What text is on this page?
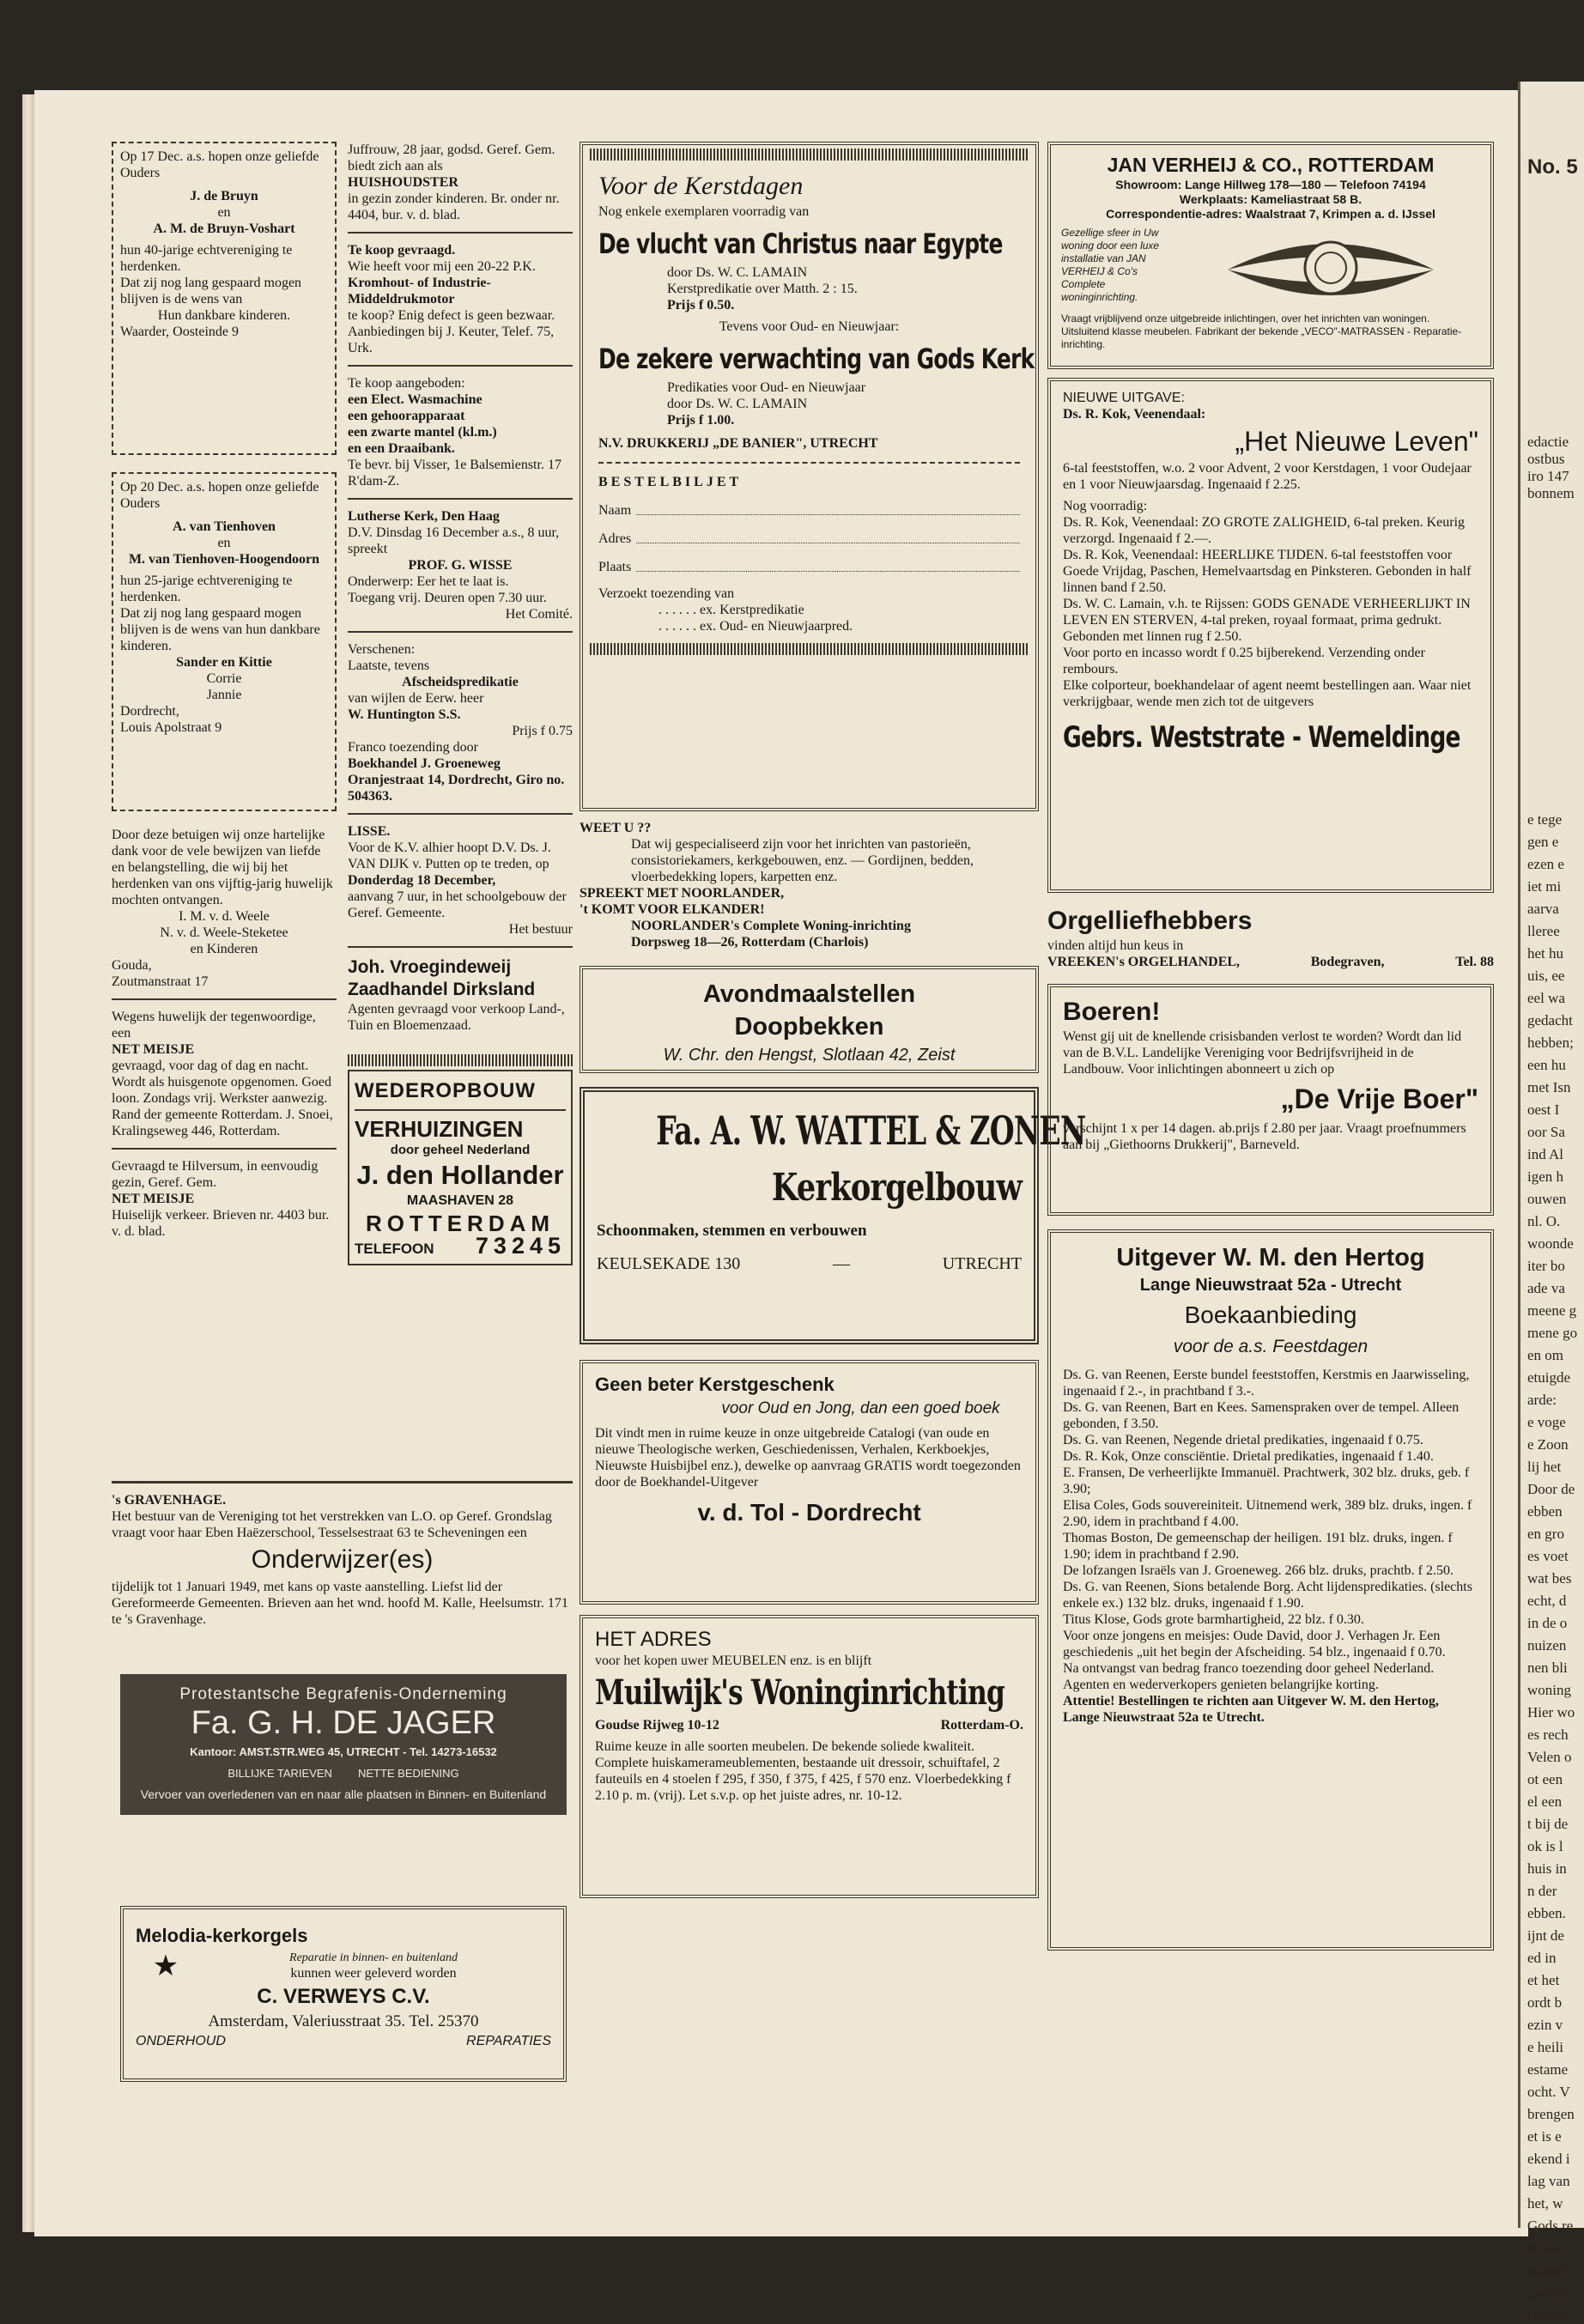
Op 17 Dec. a.s. hopen onze geliefde Ouders

J. de Bruyn

en

A. M. de Bruyn-Voshart

hun 40-jarige echtvereniging te herdenken.

Dat zij nog lang gespaard mogen blijven is de wens van

Hun dankbare kinderen.

Waarder, Oosteinde 9

Op 20 Dec. a.s. hopen onze geliefde Ouders

A. van Tienhoven

en

M. van Tienhoven-Hoogendoorn

hun 25-jarige echtvereniging te herdenken.

Dat zij nog lang gespaard mogen blijven is de wens van hun dankbare kinderen.

Sander en Kittie

Corrie

Jannie

Dordrecht,

Louis Apolstraat 9

Door deze betuigen wij onze hartelijke dank voor de vele bewijzen van liefde en belangstelling, die wij bij het herdenken van ons vijftig-jarig huwelijk mochten ontvangen.

I. M. v. d. Weele

N. v. d. Weele-Steketee

en Kinderen

Gouda,

Zoutmanstraat 17

Wegens huwelijk der tegenwoordige, een

NET MEISJE

gevraagd, voor dag of dag en nacht. Wordt als huisgenote opgenomen. Goed loon. Zondags vrij. Werkster aanwezig. Rand der gemeente Rotterdam. J. Snoei, Kralingseweg 446, Rotterdam.

Gevraagd te Hilversum, in eenvoudig gezin, Geref. Gem.

NET MEISJE

Huiselijk verkeer. Brieven nr. 4403 bur. v. d. blad.

Juffrouw, 28 jaar, godsd. Geref. Gem. biedt zich aan als

HUISHOUDSTER

in gezin zonder kinderen. Br. onder nr. 4404, bur. v. d. blad.

Te koop gevraagd.

Wie heeft voor mij een 20-22 P.K.

Kromhout- of Industrie-Middeldrukmotor

te koop? Enig defect is geen bezwaar. Aanbiedingen bij J. Keuter, Telef. 75, Urk.

Te koop aangeboden:

een Elect. Wasmachine

een gehoorapparaat

een zwarte mantel (kl.m.)

en een Draaibank.

Te bevr. bij Visser, 1e Balsemienstr. 17 R'dam-Z.

Lutherse Kerk, Den Haag

D.V. Dinsdag 16 December a.s., 8 uur, spreekt

PROF. G. WISSE

Onderwerp: Eer het te laat is.

Toegang vrij. Deuren open 7.30 uur.

Het Comité.

Verschenen:

Laatste, tevens

Afscheidspredikatie

van wijlen de Eerw. heer

W. Huntington S.S.

Prijs f 0.75

Franco toezending door

Boekhandel J. Groeneweg

Oranjestraat 14, Dordrecht, Giro no. 504363.

LISSE.

Voor de K.V. alhier hoopt D.V. Ds. J. VAN DIJK v. Putten op te treden, op

Donderdag 18 December,

aanvang 7 uur, in het schoolgebouw der Geref. Gemeente.

Het bestuur

Joh. Vroegindeweij

Zaadhandel Dirksland

Agenten gevraagd voor verkoop Land-, Tuin en Bloemenzaad.

WEDEROPBOUW

VERHUIZINGEN

door geheel Nederland

J. den Hollander

MAASHAVEN 28

ROTTERDAM

TELEFOON 73245

's GRAVENHAGE.

Het bestuur van de Vereniging tot het verstrekken van L.O. op Geref. Grondslag vraagt voor haar Eben Haëzerschool, Tesselsestraat 63 te Scheveningen een

Onderwijzer(es)

tijdelijk tot 1 Januari 1949, met kans op vaste aanstelling. Liefst lid der Gereformeerde Gemeenten. Brieven aan het wnd. hoofd M. Kalle, Heelsumstr. 171 te 's Gravenhage.

Protestantsche Begrafenis-Onderneming

Fa. G. H. DE JAGER

Kantoor: AMST.STR.WEG 45, UTRECHT - Tel. 14273-16532

BILLIJKE TARIEVEN NETTE BEDIENING

Vervoer van overledenen van en naar alle plaatsen in Binnen- en Buitenland

Melodia-kerkorgels

★	Reparatie in binnen- en buitenland

kunnen weer geleverd worden

C. VERWEYS C.V.

Amsterdam, Valeriusstraat 35. Tel. 25370

ONDERHOUD	REPARATIES

Voor de Kerstdagen

Nog enkele exemplaren voorradig van

De vlucht van Christus naar Egypte

door Ds. W. C. LAMAIN

Kerstpredikatie over Matth. 2 : 15.

Prijs f 0.50.

Tevens voor Oud- en Nieuwjaar:

De zekere verwachting van Gods Kerk

Predikaties voor Oud- en Nieuwjaar

door Ds. W. C. LAMAIN

Prijs f 1.00.

N.V. DRUKKERIJ „DE BANIER", UTRECHT

BESTELBILJET

Naam
Adres
Plaats

Verzoekt toezending van

. . . . . . ex. Kerstpredikatie

. . . . . . ex. Oud- en Nieuwjaarpred.

WEET U ??

Dat wij gespecialiseerd zijn voor het inrichten van pastorieën, consistoriekamers, kerkgebouwen, enz. — Gordijnen, bedden, vloerbedekking lopers, karpetten enz.

SPREEKT MET NOORLANDER,

't KOMT VOOR ELKANDER!

NOORLANDER's Complete Woning-inrichting

Dorpsweg 18—26, Rotterdam (Charlois)

Avondmaalstellen

Doopbekken

W. Chr. den Hengst, Slotlaan 42, Zeist

Fa. A. W. WATTEL & ZONEN

Kerkorgelbouw

Schoonmaken, stemmen en verbouwen

KEULSEKADE 130	—	UTRECHT

Geen beter Kerstgeschenk

voor Oud en Jong, dan een goed boek

Dit vindt men in ruime keuze in onze uitgebreide Catalogi (van oude en nieuwe Theologische werken, Geschiedenissen, Verhalen, Kerkboekjes, Nieuwste Huisbijbel enz.), dewelke op aanvraag GRATIS wordt toegezonden door de Boekhandel-Uitgever

v. d. Tol - Dordrecht

HET ADRES

voor het kopen uwer MEUBELEN enz. is en blijft

Muilwijk's Woninginrichting

Goudse Rijweg 10-12	Rotterdam-O.

Ruime keuze in alle soorten meubelen. De bekende soliede kwaliteit. Complete huiskamerameublementen, bestaande uit dressoir, schuiftafel, 2 fauteuils en 4 stoelen f 295, f 350, f 375, f 425, f 570 enz. Vloerbedekking f 2.10 p. m. (vrij). Let s.v.p. op het juiste adres, nr. 10-12.

JAN VERHEIJ & CO., ROTTERDAM

Showroom: Lange Hillweg 178—180 — Telefoon 74194

Werkplaats: Kameliastraat 58 B.

Correspondentie-adres: Waalstraat 7, Krimpen a. d. IJssel

Gezellige sfeer in Uw woning door een luxe installatie van JAN VERHEIJ & Co's Complete woninginrichting.

Vraagt vrijblijvend onze uitgebreide inlichtingen, over het inrichten van woningen. Uitsluitend klasse meubelen. Fabrikant der bekende „VECO"-MATRASSEN - Reparatie-inrichting.

NIEUWE UITGAVE:

Ds. R. Kok, Veenendaal:

„Het Nieuwe Leven"

6-tal feeststoffen, w.o. 2 voor Advent, 2 voor Kerstdagen, 1 voor Oudejaar en 1 voor Nieuwjaarsdag. Ingenaaid f 2.25.

Nog voorradig:

Ds. R. Kok, Veenendaal: ZO GROTE ZALIGHEID, 6-tal preken. Keurig verzorgd. Ingenaaid f 2.—.

Ds. R. Kok, Veenendaal: HEERLIJKE TIJDEN. 6-tal feeststoffen voor Goede Vrijdag, Paschen, Hemelvaartsdag en Pinksteren. Gebonden in half linnen band f 2.50.

Ds. W. C. Lamain, v.h. te Rijssen: GODS GENADE VERHEERLIJKT IN LEVEN EN STERVEN, 4-tal preken, royaal formaat, prima gedrukt. Gebonden met linnen rug f 2.50.

Voor porto en incasso wordt f 0.25 bijberekend. Verzending onder rembours.

Elke colporteur, boekhandelaar of agent neemt bestellingen aan. Waar niet verkrijgbaar, wende men zich tot de uitgevers

Gebrs. Weststrate - Wemeldinge

Orgelliefhebbers

vinden altijd hun keus in

VREEKEN's ORGELHANDEL,	Bodegraven,	Tel. 88

Boeren!

Wenst gij uit de knellende crisisbanden verlost te worden? Wordt dan lid van de B.V.L. Landelijke Vereniging voor Bedrijfsvrijheid in de Landbouw. Voor inlichtingen abonneert u zich op

„De Vrije Boer"

verschijnt 1 x per 14 dagen. ab.prijs f 2.80 per jaar. Vraagt proefnummers aan bij „Giethoorns Drukkerij", Barneveld.

Uitgever W. M. den Hertog

Lange Nieuwstraat 52a - Utrecht

Boekaanbieding

voor de a.s. Feestdagen

Ds. G. van Reenen, Eerste bundel feeststoffen, Kerstmis en Jaarwisseling, ingenaaid f 2.-, in prachtband f 3.-.

Ds. G. van Reenen, Bart en Kees. Samenspraken over de tempel. Alleen gebonden, f 3.50.

Ds. G. van Reenen, Negende drietal predikaties, ingenaaid f 0.75.

Ds. R. Kok, Onze consciëntie. Drietal predikaties, ingenaaid f 1.40.

E. Fransen, De verheerlijkte Immanuël. Prachtwerk, 302 blz. druks, geb. f 3.90;

Elisa Coles, Gods souvereiniteit. Uitnemend werk, 389 blz. druks, ingen. f 2.90, idem in prachtband f 4.00.

Thomas Boston, De gemeenschap der heiligen. 191 blz. druks, ingen. f 1.90; idem in prachtband f 2.90.

De lofzangen Israëls van J. Groeneweg. 266 blz. druks, prachtb. f 2.50.

Ds. G. van Reenen, Sions betalende Borg. Acht lijdenspredikaties. (slechts enkele ex.) 132 blz. druks, ingenaaid f 1.90.

Titus Klose, Gods grote barmhartigheid, 22 blz. f 0.30.

Voor onze jongens en meisjes: Oude David, door J. Verhagen Jr. Een geschiedenis „uit het begin der Afscheiding. 54 blz., ingenaaid f 0.70.

Na ontvangst van bedrag franco toezending door geheel Nederland. Agenten en wederverkopers genieten belangrijke korting.

Attentie! Bestellingen te richten aan Uitgever W. M. den Hertog, Lange Nieuwstraat 52a te Utrecht.

No. 5
edactie
ostbus
iro 147
bonnem
e tege
gen e
ezen e
iet mi
aarva
lleree
het hu
uis, ee
eel wa
gedacht
hebben;
een hu
met Isn
oest I
oor Sa
ind Al
igen h
ouwen
nl. O.
woonde
iter bo
ade va
meene g
mene go
en om
etuigde
arde:
e voge
e Zoon
lij het
Door de
ebben
en gro
es voet
wat bes
echt, d
in de o
nuizen
nen bli
woning
Hier wo
es rech
Velen o
ot een
el een
t bij de
ok is l
huis in
n der
ebben.
ijnt de
ed in
et het
ordt b
ezin v
e heili
estame
ocht. V
brengen
et is e
ekend i
lag van
het, w
Gods re
at wo
sband
uwelijk
chaamt
